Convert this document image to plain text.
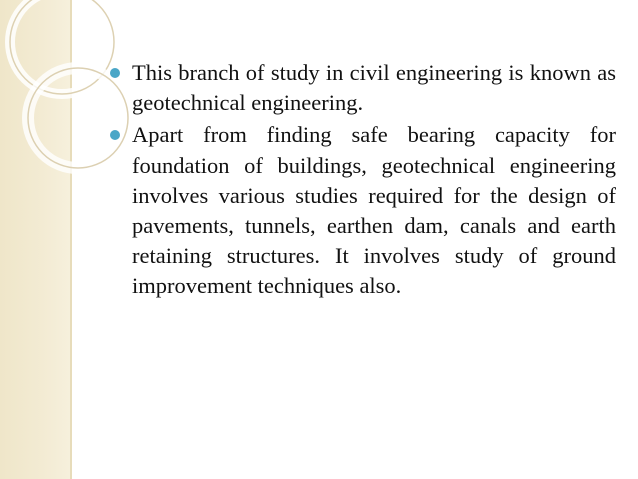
This branch of study in civil engineering is known as geotechnical engineering.

Apart from finding safe bearing capacity for foundation of buildings, geotechnical engineering involves various studies required for the design of pavements, tunnels, earthen dam, canals and earth retaining structures. It involves study of ground improvement techniques also.
